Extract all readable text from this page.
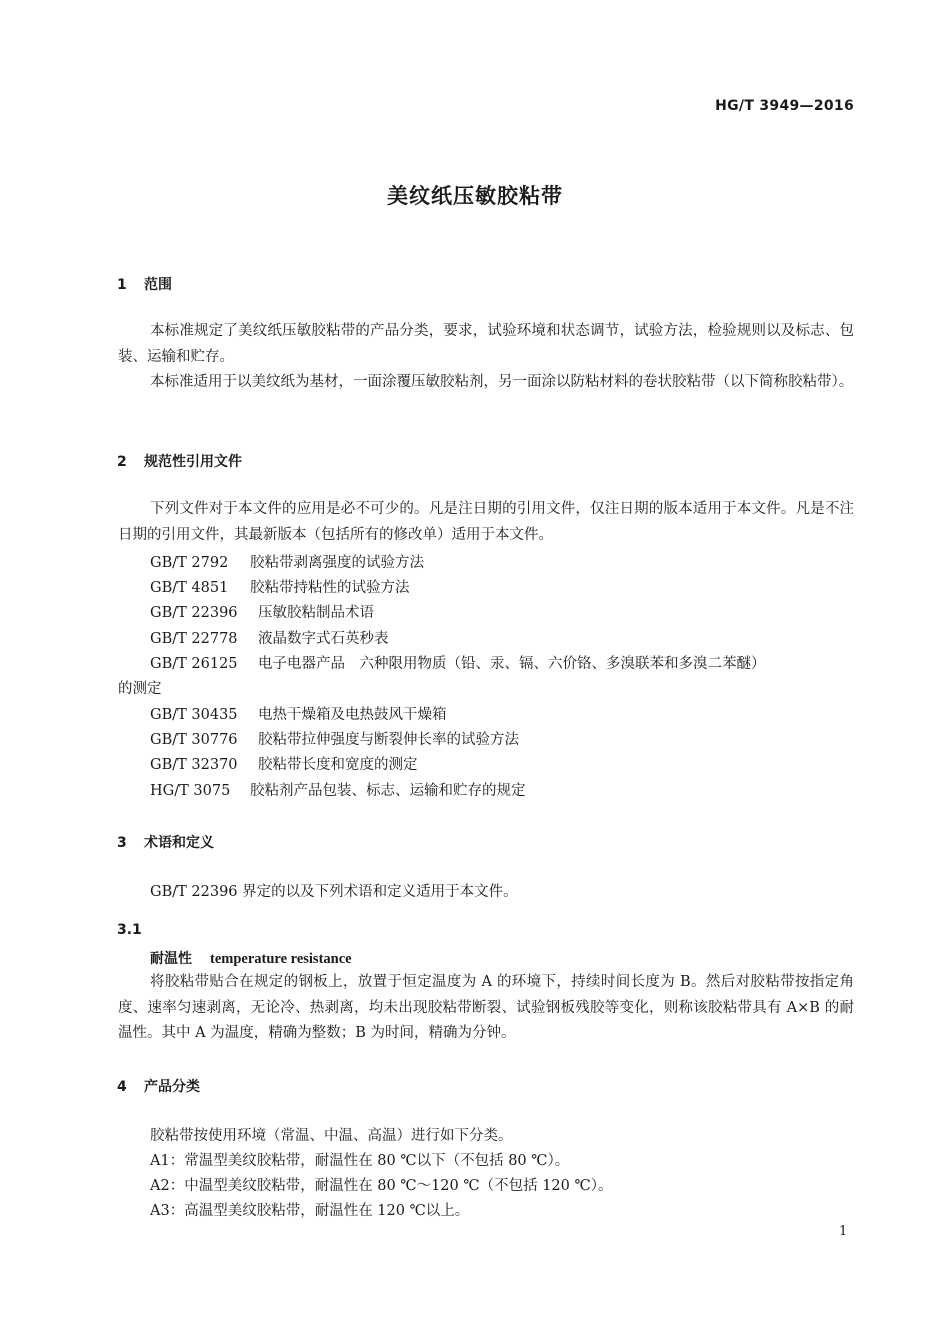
HG/T 3949—2016
美纹纸压敏胶粘带
1 范围
本标准规定了美纹纸压敏胶粘带的产品分类，要求，试验环境和状态调节，试验方法，检验规则以及标志、包装、运输和贮存。
本标准适用于以美纹纸为基材，一面涂覆压敏胶粘剂，另一面涂以防粘材料的卷状胶粘带（以下简称胶粘带）。
2 规范性引用文件
下列文件对于本文件的应用是必不可少的。凡是注日期的引用文件，仅注日期的版本适用于本文件。凡是不注日期的引用文件，其最新版本（包括所有的修改单）适用于本文件。
GB/T 2792 胶粘带剥离强度的试验方法
GB/T 4851 胶粘带持粘性的试验方法
GB/T 22396 压敏胶粘制品术语
GB/T 22778 液晶数字式石英秒表
GB/T 26125 电子电器产品　六种限用物质（铅、汞、镉、六价铬、多溴联苯和多溴二苯醚）
的测定
GB/T 30435 电热干燥箱及电热鼓风干燥箱
GB/T 30776 胶粘带拉伸强度与断裂伸长率的试验方法
GB/T 32370 胶粘带长度和宽度的测定
HG/T 3075 胶粘剂产品包装、标志、运输和贮存的规定
3 术语和定义
GB/T 22396 界定的以及下列术语和定义适用于本文件。
3.1
耐温性 temperature resistance
将胶粘带贴合在规定的钢板上，放置于恒定温度为 A 的环境下，持续时间长度为 B。然后对胶粘带按指定角度、速率匀速剥离，无论冷、热剥离，均未出现胶粘带断裂、试验钢板残胶等变化，则称该胶粘带具有 A×B 的耐温性。其中 A 为温度，精确为整数；B 为时间，精确为分钟。
4 产品分类
胶粘带按使用环境（常温、中温、高温）进行如下分类。
A1：常温型美纹胶粘带，耐温性在 80 ℃以下（不包括 80 ℃）。
A2：中温型美纹胶粘带，耐温性在 80 ℃～120 ℃（不包括 120 ℃）。
A3：高温型美纹胶粘带，耐温性在 120 ℃以上。
1
